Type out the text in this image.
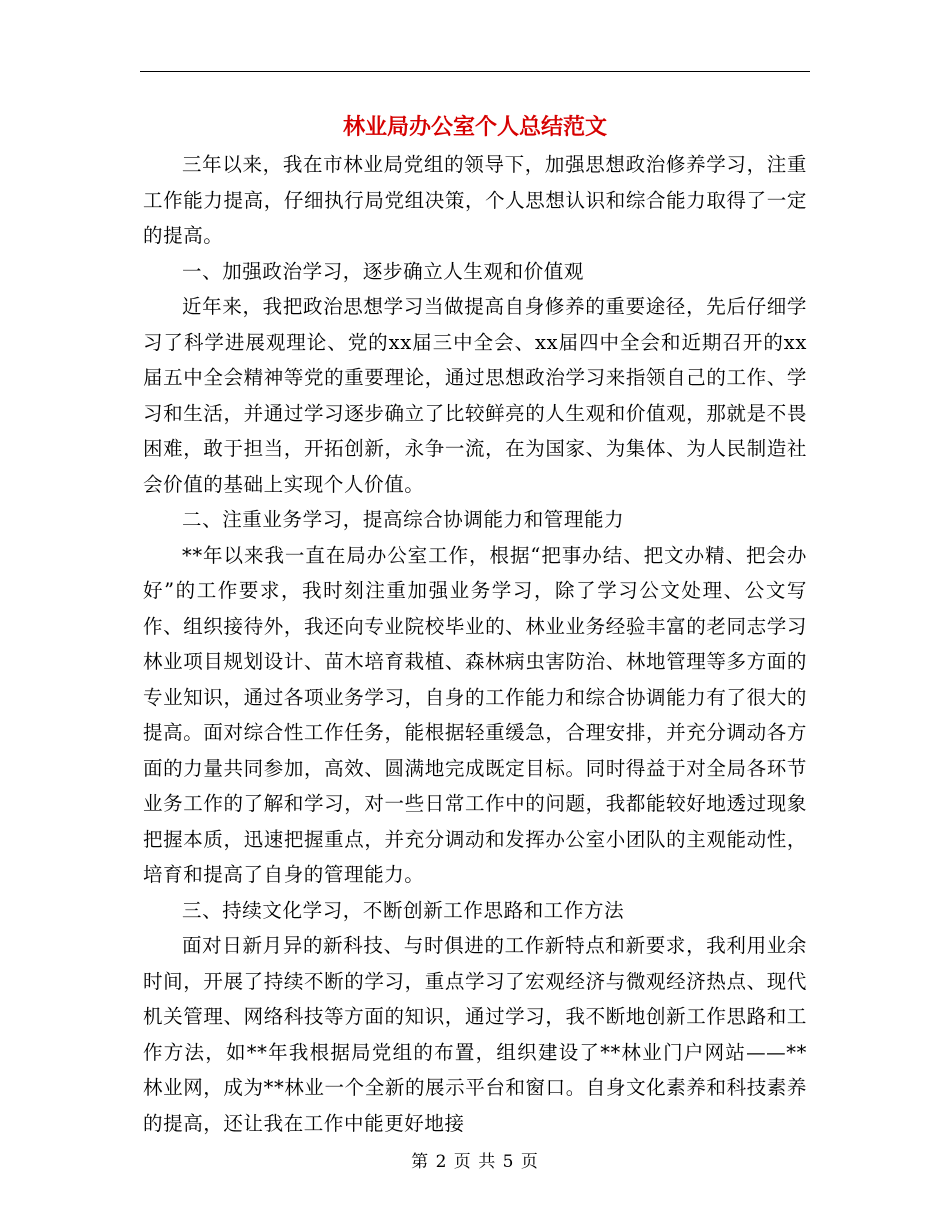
林业局办公室个人总结范文

三年以来，我在市林业局党组的领导下，加强思想政治修养学习，注重工作能力提高，仔细执行局党组决策，个人思想认识和综合能力取得了一定的提高。

一、加强政治学习，逐步确立人生观和价值观

近年来，我把政治思想学习当做提高自身修养的重要途径，先后仔细学习了科学进展观理论、党的xx届三中全会、xx届四中全会和近期召开的xx届五中全会精神等党的重要理论，通过思想政治学习来指领自己的工作、学习和生活，并通过学习逐步确立了比较鲜亮的人生观和价值观，那就是不畏困难，敢于担当，开拓创新，永争一流，在为国家、为集体、为人民制造社会价值的基础上实现个人价值。

二、注重业务学习，提高综合协调能力和管理能力

**年以来我一直在局办公室工作，根据“把事办结、把文办精、把会办好”的工作要求，我时刻注重加强业务学习，除了学习公文处理、公文写作、组织接待外，我还向专业院校毕业的、林业业务经验丰富的老同志学习林业项目规划设计、苗木培育栽植、森林病虫害防治、林地管理等多方面的专业知识，通过各项业务学习，自身的工作能力和综合协调能力有了很大的提高。面对综合性工作任务，能根据轻重缓急，合理安排，并充分调动各方面的力量共同参加，高效、圆满地完成既定目标。同时得益于对全局各环节业务工作的了解和学习，对一些日常工作中的问题，我都能较好地透过现象把握本质，迅速把握重点，并充分调动和发挥办公室小团队的主观能动性，培育和提高了自身的管理能力。

三、持续文化学习，不断创新工作思路和工作方法

面对日新月异的新科技、与时俱进的工作新特点和新要求，我利用业余时间，开展了持续不断的学习，重点学习了宏观经济与微观经济热点、现代机关管理、网络科技等方面的知识，通过学习，我不断地创新工作思路和工作方法，如**年我根据局党组的布置，组织建设了**林业门户网站——**林业网，成为**林业一个全新的展示平台和窗口。自身文化素养和科技素养的提高，还让我在工作中能更好地接

第 2 页 共 5 页
